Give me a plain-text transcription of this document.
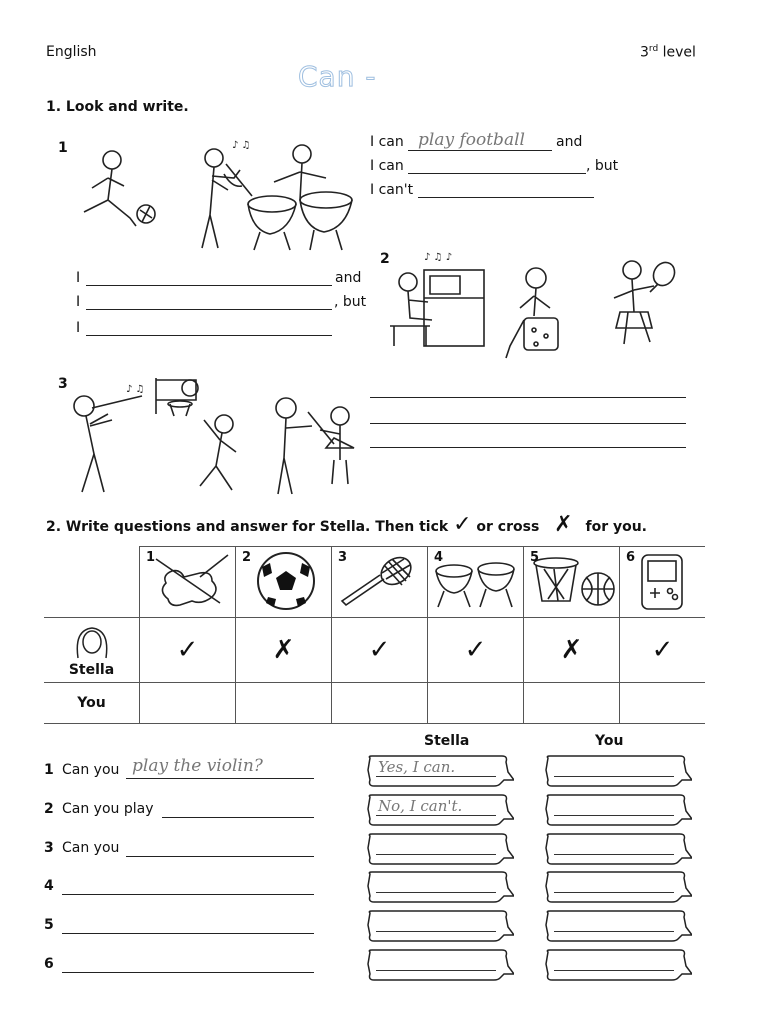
English	3rd level
Can -
1. Look and write.
1	♪ ♫	I can play football and
I can	, but
I can't
I	and
I	, but
I
2	♪ ♫ ♪
3	♪ ♫
2. Write questions and answer for Stella. Then tick ✓ or cross ✗ for you.

	1	2	3	4	5	6

Stella	✓	✗	✓	✓	✗	✓

You						

Stella	You
1 Can you play the violin?	Yes, I can.
2 Can you play	No, I can't.
3 Can you
4
5
6
